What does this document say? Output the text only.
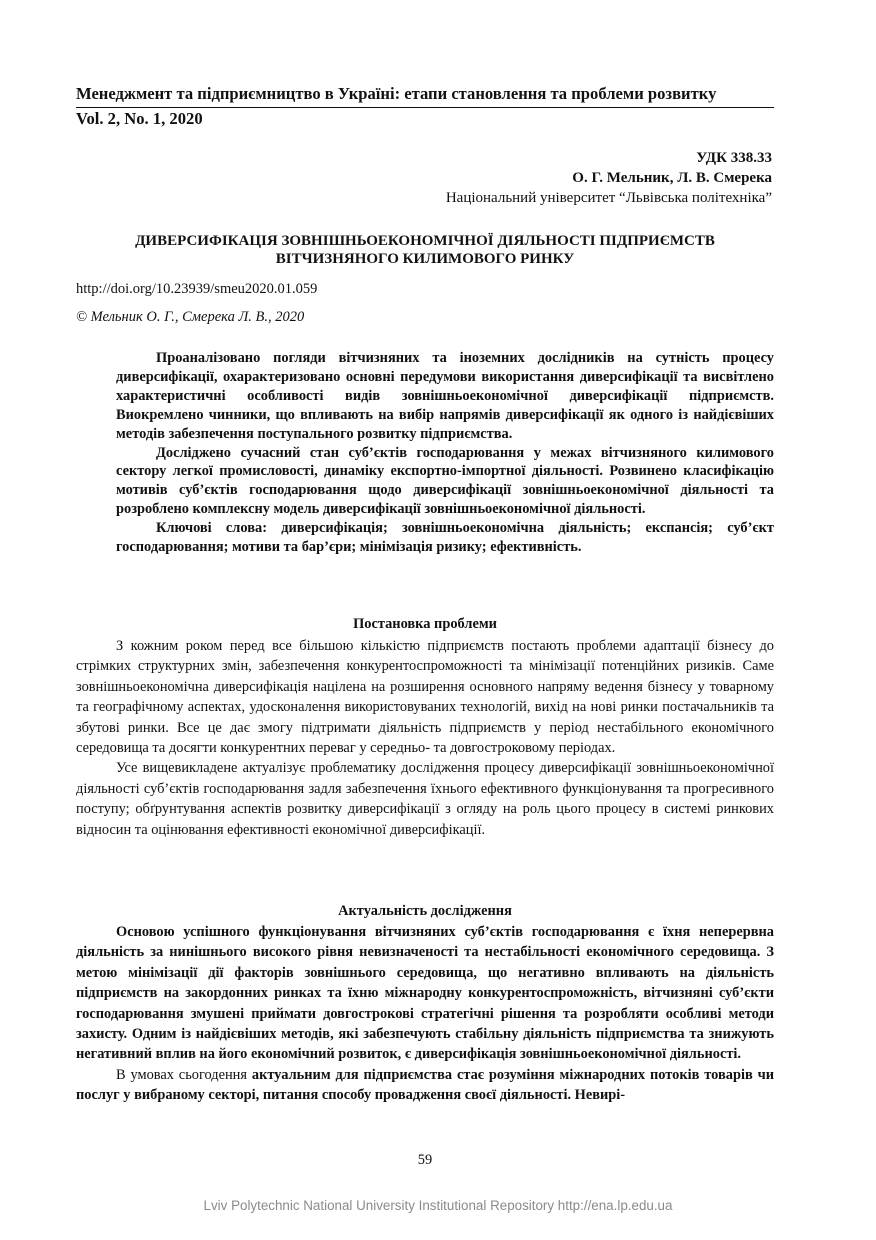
Менеджмент та підприємництво в Україні: етапи становлення та проблеми розвитку
Vol. 2, No. 1, 2020
УДК 338.33
О. Г. Мельник, Л. В. Смерека
Національний університет “Львівська політехніка”
ДИВЕРСИФІКАЦІЯ ЗОВНІШНЬОЕКОНОМІЧНОЇ ДІЯЛЬНОСТІ ПІДПРИЄМСТВ
ВІТЧИЗНЯНОГО КИЛИМОВОГО РИНКУ
http://doi.org/10.23939/smeu2020.01.059
© Мельник О. Г., Смерека Л. В., 2020

Проаналізовано погляди вітчизняних та іноземних дослідників на сутність процесу диверсифікації, охарактеризовано основні передумови використання диверсифікації та висвітлено характеристичні особливості видів зовнішньоекономічної диверсифікації підприємств. Виокремлено чинники, що впливають на вибір напрямів диверсифікації як одного із найдієвіших методів забезпечення поступального розвитку підприємства.

Досліджено сучасний стан суб’єктів господарювання у межах вітчизняного килимового сектору легкої промисловості, динаміку експортно-імпортної діяльності. Розвинено класифікацію мотивів суб’єктів господарювання щодо диверсифікації зовнішньоекономічної діяльності та розроблено комплексну модель диверсифікації зовнішньоекономічної діяльності.

Ключові слова: диверсифікація; зовнішньоекономічна діяльність; експансія; суб’єкт господарювання; мотиви та бар’єри; мінімізація ризику; ефективність.

Постановка проблеми

З кожним роком перед все більшою кількістю підприємств постають проблеми адаптації бізнесу до стрімких структурних змін, забезпечення конкурентоспроможності та мінімізації потенційних ризиків. Саме зовнішньоекономічна диверсифікація націлена на розширення основного напряму ведення бізнесу у товарному та географічному аспектах, удосконалення використовуваних технологій, вихід на нові ринки постачальників та збутові ринки. Все це дає змогу підтримати діяльність підприємств у період нестабільного економічного середовища та досягти конкурентних переваг у середньо- та довгостроковому періодах.

Усе вищевикладене актуалізує проблематику дослідження процесу диверсифікації зовнішньоекономічної діяльності суб’єктів господарювання задля забезпечення їхнього ефективного функціонування та прогресивного поступу; обґрунтування аспектів розвитку диверсифікації з огляду на роль цього процесу в системі ринкових відносин та оцінювання ефективності економічної диверсифікації.

Актуальність дослідження

Основою успішного функціонування вітчизняних суб’єктів господарювання є їхня неперервна діяльність за нинішнього високого рівня невизначеності та нестабільності економічного середовища. З метою мінімізації дії факторів зовнішнього середовища, що негативно впливають на діяльність підприємств на закордонних ринках та їхню міжнародну конкурентоспроможність, вітчизняні суб’єкти господарювання змушені приймати довгострокові стратегічні рішення та розробляти особливі методи захисту. Одним із найдієвіших методів, які забезпечують стабільну діяльність підприємства та знижують негативний вплив на його економічний розвиток, є диверсифікація зовнішньоекономічної діяльності.

В умовах сьогодення актуальним для підприємства стає розуміння міжнародних потоків товарів чи послуг у вибраному секторі, питання способу провадження своєї діяльності. Невирі-

59
Lviv Polytechnic National University Institutional Repository http://ena.lp.edu.ua
